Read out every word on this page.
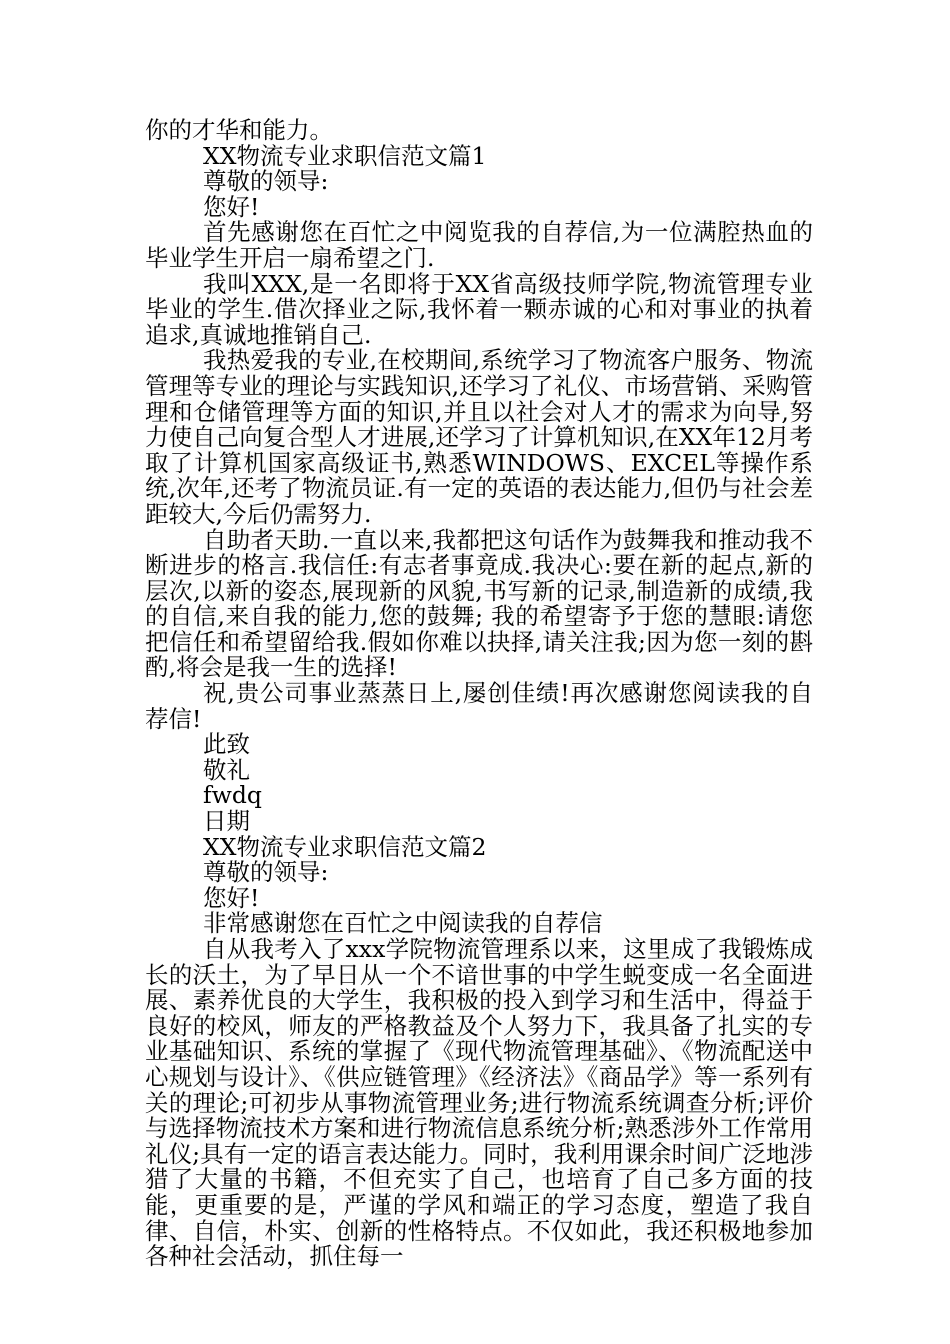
你的才华和能力。

XX物流专业求职信范文篇1

尊敬的领导:

您好!

首先感谢您在百忙之中阅览我的自荐信,为一位满腔热血的毕业学生开启一扇希望之门.

我叫XXX,是一名即将于XX省高级技师学院,物流管理专业毕业的学生.借次择业之际,我怀着一颗赤诚的心和对事业的执着追求,真诚地推销自己.

我热爱我的专业,在校期间,系统学习了物流客户服务、物流管理等专业的理论与实践知识,还学习了礼仪、市场营销、采购管理和仓储管理等方面的知识,并且以社会对人才的需求为向导,努力使自己向复合型人才进展,还学习了计算机知识,在XX年12月考取了计算机国家高级证书,熟悉WINDOWS、EXCEL等操作系统,次年,还考了物流员证.有一定的英语的表达能力,但仍与社会差距较大,今后仍需努力.

自助者天助.一直以来,我都把这句话作为鼓舞我和推动我不断进步的格言.我信任:有志者事竟成.我决心:要在新的起点,新的层次,以新的姿态,展现新的风貌,书写新的记录,制造新的成绩,我的自信,来自我的能力,您的鼓舞; 我的希望寄予于您的慧眼:请您把信任和希望留给我.假如你难以抉择,请关注我;因为您一刻的斟酌,将会是我一生的选择!

祝,贵公司事业蒸蒸日上,屡创佳绩!再次感谢您阅读我的自荐信!

此致

敬礼

fwdq

日期

XX物流专业求职信范文篇2

尊敬的领导:

您好!

非常感谢您在百忙之中阅读我的自荐信

自从我考入了xxx学院物流管理系以来，这里成了我锻炼成长的沃土，为了早日从一个不谙世事的中学生蜕变成一名全面进展、素养优良的大学生，我积极的投入到学习和生活中，得益于良好的校风，师友的严格教益及个人努力下，我具备了扎实的专业基础知识、系统的掌握了《现代物流管理基础》、《物流配送中心规划与设计》、《供应链管理》《经济法》《商品学》等一系列有关的理论;可初步从事物流管理业务;进行物流系统调查分析;评价与选择物流技术方案和进行物流信息系统分析;熟悉涉外工作常用礼仪;具有一定的语言表达能力。同时，我利用课余时间广泛地涉猎了大量的书籍，不但充实了自己，也培育了自己多方面的技能，更重要的是，严谨的学风和端正的学习态度，塑造了我自律、自信，朴实、创新的性格特点。不仅如此，我还积极地参加各种社会活动，抓住每一
